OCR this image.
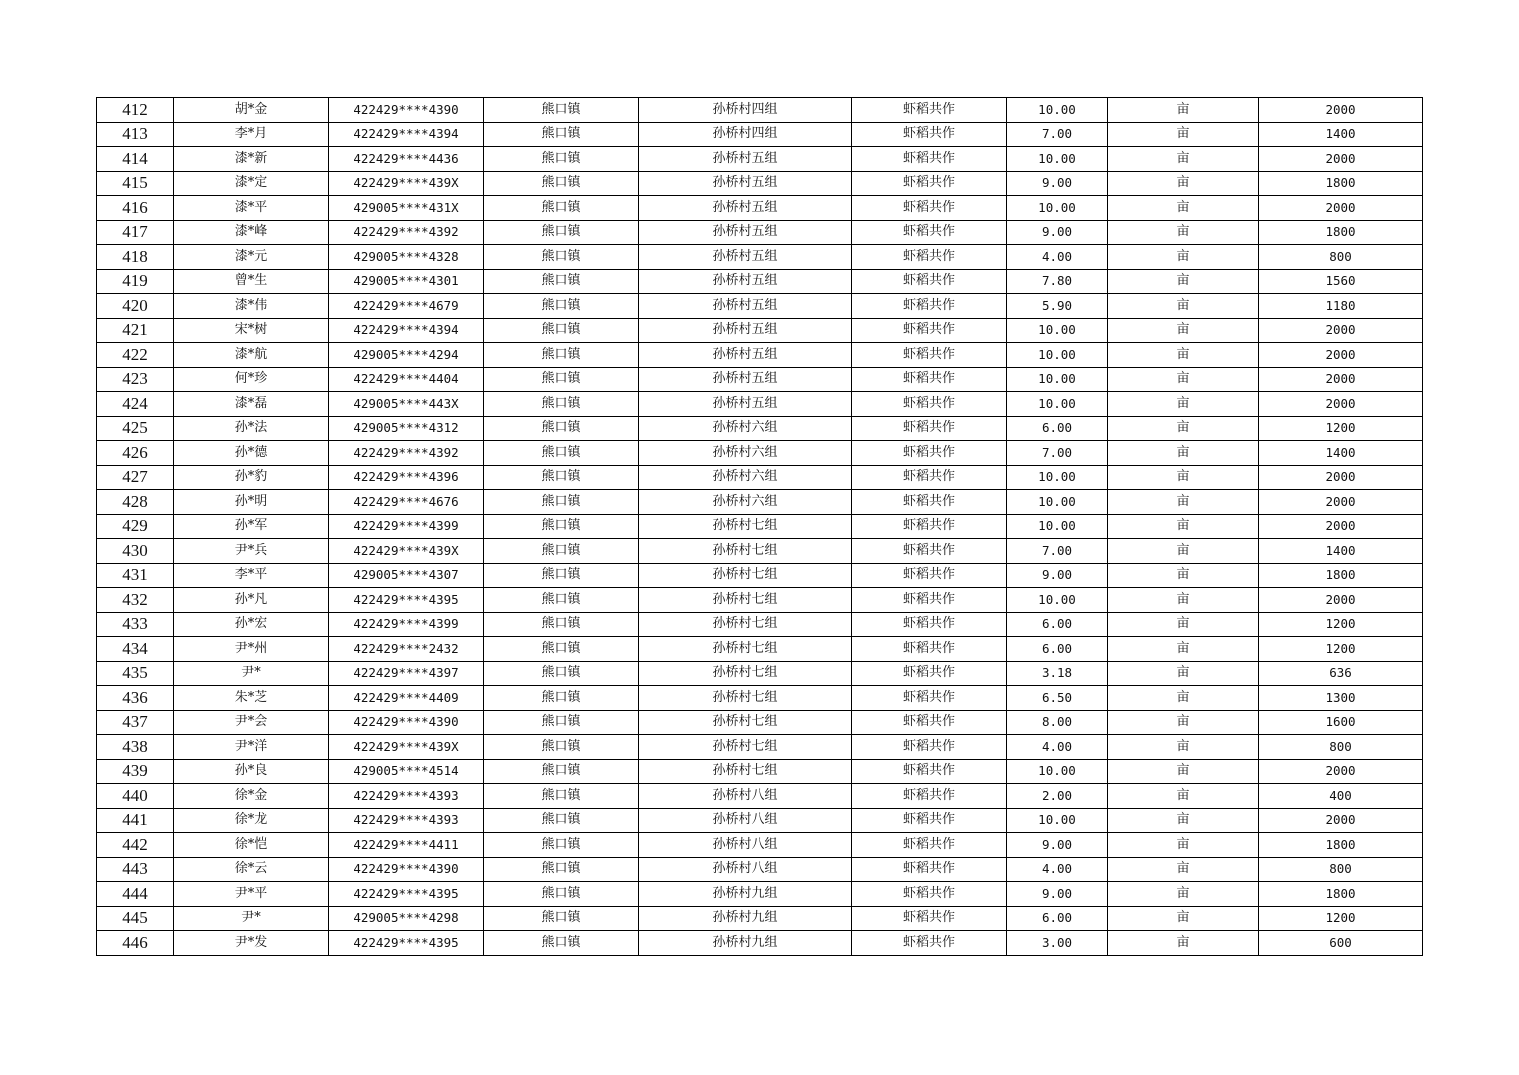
412	胡*金	422429****4390	熊口镇	孙桥村四组	虾稻共作	10.00	亩	2000
413	李*月	422429****4394	熊口镇	孙桥村四组	虾稻共作	7.00	亩	1400
414	漆*新	422429****4436	熊口镇	孙桥村五组	虾稻共作	10.00	亩	2000
415	漆*定	422429****439X	熊口镇	孙桥村五组	虾稻共作	9.00	亩	1800
416	漆*平	429005****431X	熊口镇	孙桥村五组	虾稻共作	10.00	亩	2000
417	漆*峰	422429****4392	熊口镇	孙桥村五组	虾稻共作	9.00	亩	1800
418	漆*元	429005****4328	熊口镇	孙桥村五组	虾稻共作	4.00	亩	800
419	曾*生	429005****4301	熊口镇	孙桥村五组	虾稻共作	7.80	亩	1560
420	漆*伟	422429****4679	熊口镇	孙桥村五组	虾稻共作	5.90	亩	1180
421	宋*树	422429****4394	熊口镇	孙桥村五组	虾稻共作	10.00	亩	2000
422	漆*航	429005****4294	熊口镇	孙桥村五组	虾稻共作	10.00	亩	2000
423	何*珍	422429****4404	熊口镇	孙桥村五组	虾稻共作	10.00	亩	2000
424	漆*磊	429005****443X	熊口镇	孙桥村五组	虾稻共作	10.00	亩	2000
425	孙*法	429005****4312	熊口镇	孙桥村六组	虾稻共作	6.00	亩	1200
426	孙*德	422429****4392	熊口镇	孙桥村六组	虾稻共作	7.00	亩	1400
427	孙*豹	422429****4396	熊口镇	孙桥村六组	虾稻共作	10.00	亩	2000
428	孙*明	422429****4676	熊口镇	孙桥村六组	虾稻共作	10.00	亩	2000
429	孙*军	422429****4399	熊口镇	孙桥村七组	虾稻共作	10.00	亩	2000
430	尹*兵	422429****439X	熊口镇	孙桥村七组	虾稻共作	7.00	亩	1400
431	李*平	429005****4307	熊口镇	孙桥村七组	虾稻共作	9.00	亩	1800
432	孙*凡	422429****4395	熊口镇	孙桥村七组	虾稻共作	10.00	亩	2000
433	孙*宏	422429****4399	熊口镇	孙桥村七组	虾稻共作	6.00	亩	1200
434	尹*州	422429****2432	熊口镇	孙桥村七组	虾稻共作	6.00	亩	1200
435	尹*	422429****4397	熊口镇	孙桥村七组	虾稻共作	3.18	亩	636
436	朱*芝	422429****4409	熊口镇	孙桥村七组	虾稻共作	6.50	亩	1300
437	尹*会	422429****4390	熊口镇	孙桥村七组	虾稻共作	8.00	亩	1600
438	尹*洋	422429****439X	熊口镇	孙桥村七组	虾稻共作	4.00	亩	800
439	孙*良	429005****4514	熊口镇	孙桥村七组	虾稻共作	10.00	亩	2000
440	徐*金	422429****4393	熊口镇	孙桥村八组	虾稻共作	2.00	亩	400
441	徐*龙	422429****4393	熊口镇	孙桥村八组	虾稻共作	10.00	亩	2000
442	徐*恺	422429****4411	熊口镇	孙桥村八组	虾稻共作	9.00	亩	1800
443	徐*云	422429****4390	熊口镇	孙桥村八组	虾稻共作	4.00	亩	800
444	尹*平	422429****4395	熊口镇	孙桥村九组	虾稻共作	9.00	亩	1800
445	尹*	429005****4298	熊口镇	孙桥村九组	虾稻共作	6.00	亩	1200
446	尹*发	422429****4395	熊口镇	孙桥村九组	虾稻共作	3.00	亩	600
